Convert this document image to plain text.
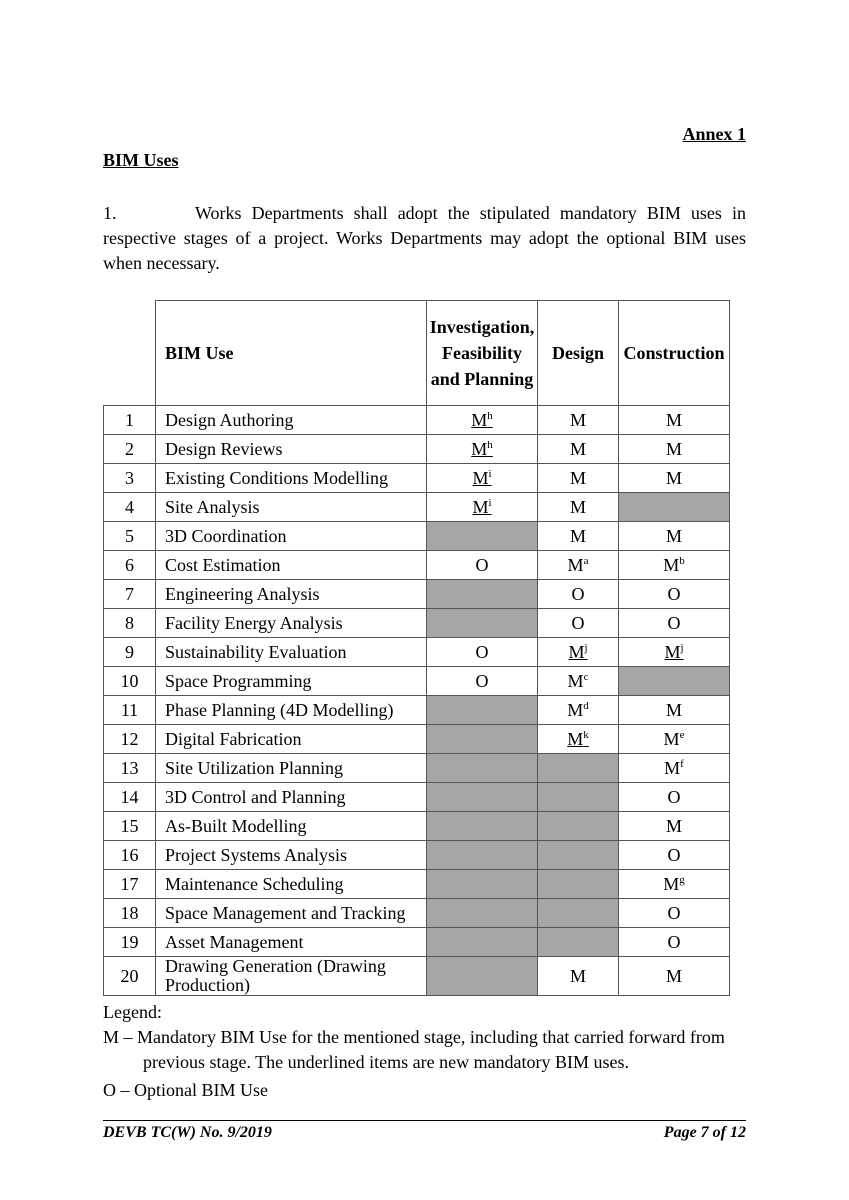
Annex 1
BIM Uses
1.	Works Departments shall adopt the stipulated mandatory BIM uses in respective stages of a project. Works Departments may adopt the optional BIM uses when necessary.
	BIM Use	Investigation,
Feasibility
and Planning	Design	Construction
1	Design Authoring	$M^h$	M	M
2	Design Reviews	$M^h$	M	M
3	Existing Conditions Modelling	$M^i$	M	M
4	Site Analysis	$M^i$	M	
5	3D Coordination		M	M
6	Cost Estimation	O	$M^a$	$M^b$
7	Engineering Analysis		O	O
8	Facility Energy Analysis		O	O
9	Sustainability Evaluation	O	$M^j$	$M^j$
10	Space Programming	O	$M^c$	
11	Phase Planning (4D Modelling)		$M^d$	M
12	Digital Fabrication		$M^k$	Me
13	Site Utilization Planning			$M^f$
14	3D Control and Planning			O
15	As-Built Modelling			M
16	Project Systems Analysis			O
17	Maintenance Scheduling			$M^g$
18	Space Management and Tracking			O
19	Asset Management			O
20	Drawing Generation (Drawing Production)		M	M
Legend:
M – Mandatory BIM Use for the mentioned stage, including that carried forward from
previous stage. The underlined items are new mandatory BIM uses.
O – Optional BIM Use
DEVB TC(W) No. 9/2019	Page 7 of 12
